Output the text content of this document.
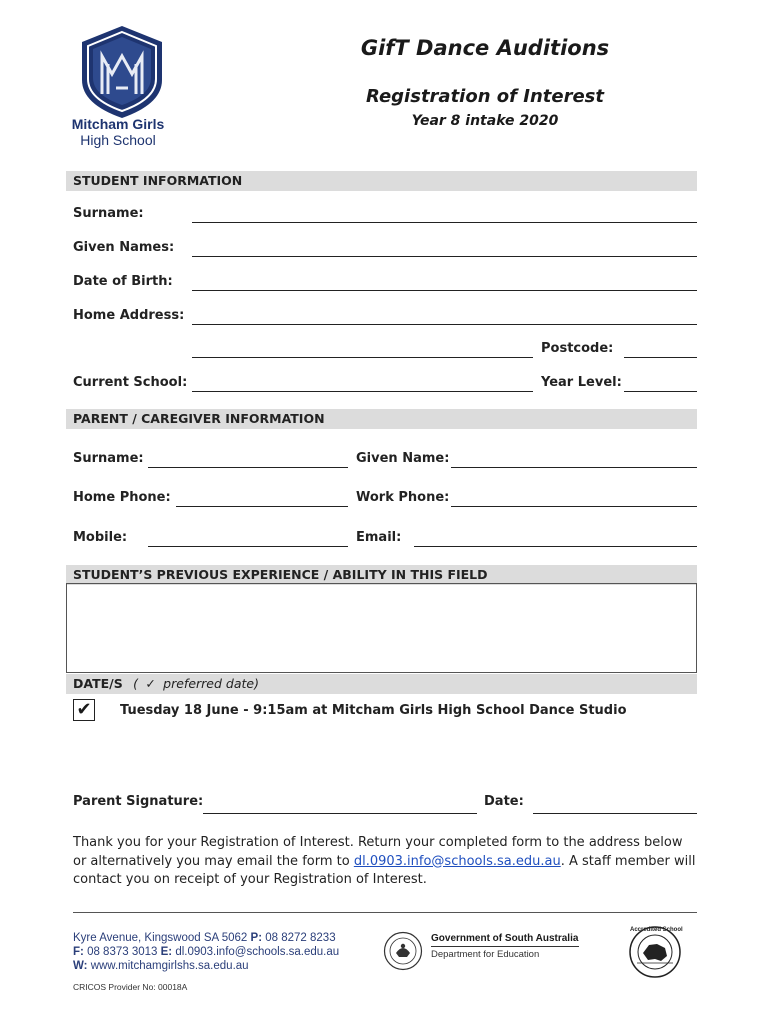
Mitcham Girls
High School
GifT Dance Auditions
Registration of Interest
Year 8 intake 2020
STUDENT INFORMATION
Surname:
Given Names:
Date of Birth:
Home Address:
Postcode:
Current School:	Year Level:
PARENT / CAREGIVER INFORMATION
Surname:	Given Name:
Home Phone:	Work Phone:
Mobile:	Email:
STUDENT’S PREVIOUS EXPERIENCE / ABILITY IN THIS FIELD
DATE/S ( ✓ preferred date)
✔ Tuesday 18 June - 9:15am at Mitcham Girls High School Dance Studio
Parent Signature:	Date:
Thank you for your Registration of Interest. Return your completed form to the address below or alternatively you may email the form to dl.0903.info@schools.sa.edu.au. A staff member will contact you on receipt of your Registration of Interest.
Kyre Avenue, Kingswood SA 5062 P: 08 8272 8233
F: 08 8373 3013 E: dl.0903.info@schools.sa.edu.au
W: www.mitchamgirlshs.sa.edu.au
CRICOS Provider No: 00018A
Government of South Australia
Department for Education
Accredited School
